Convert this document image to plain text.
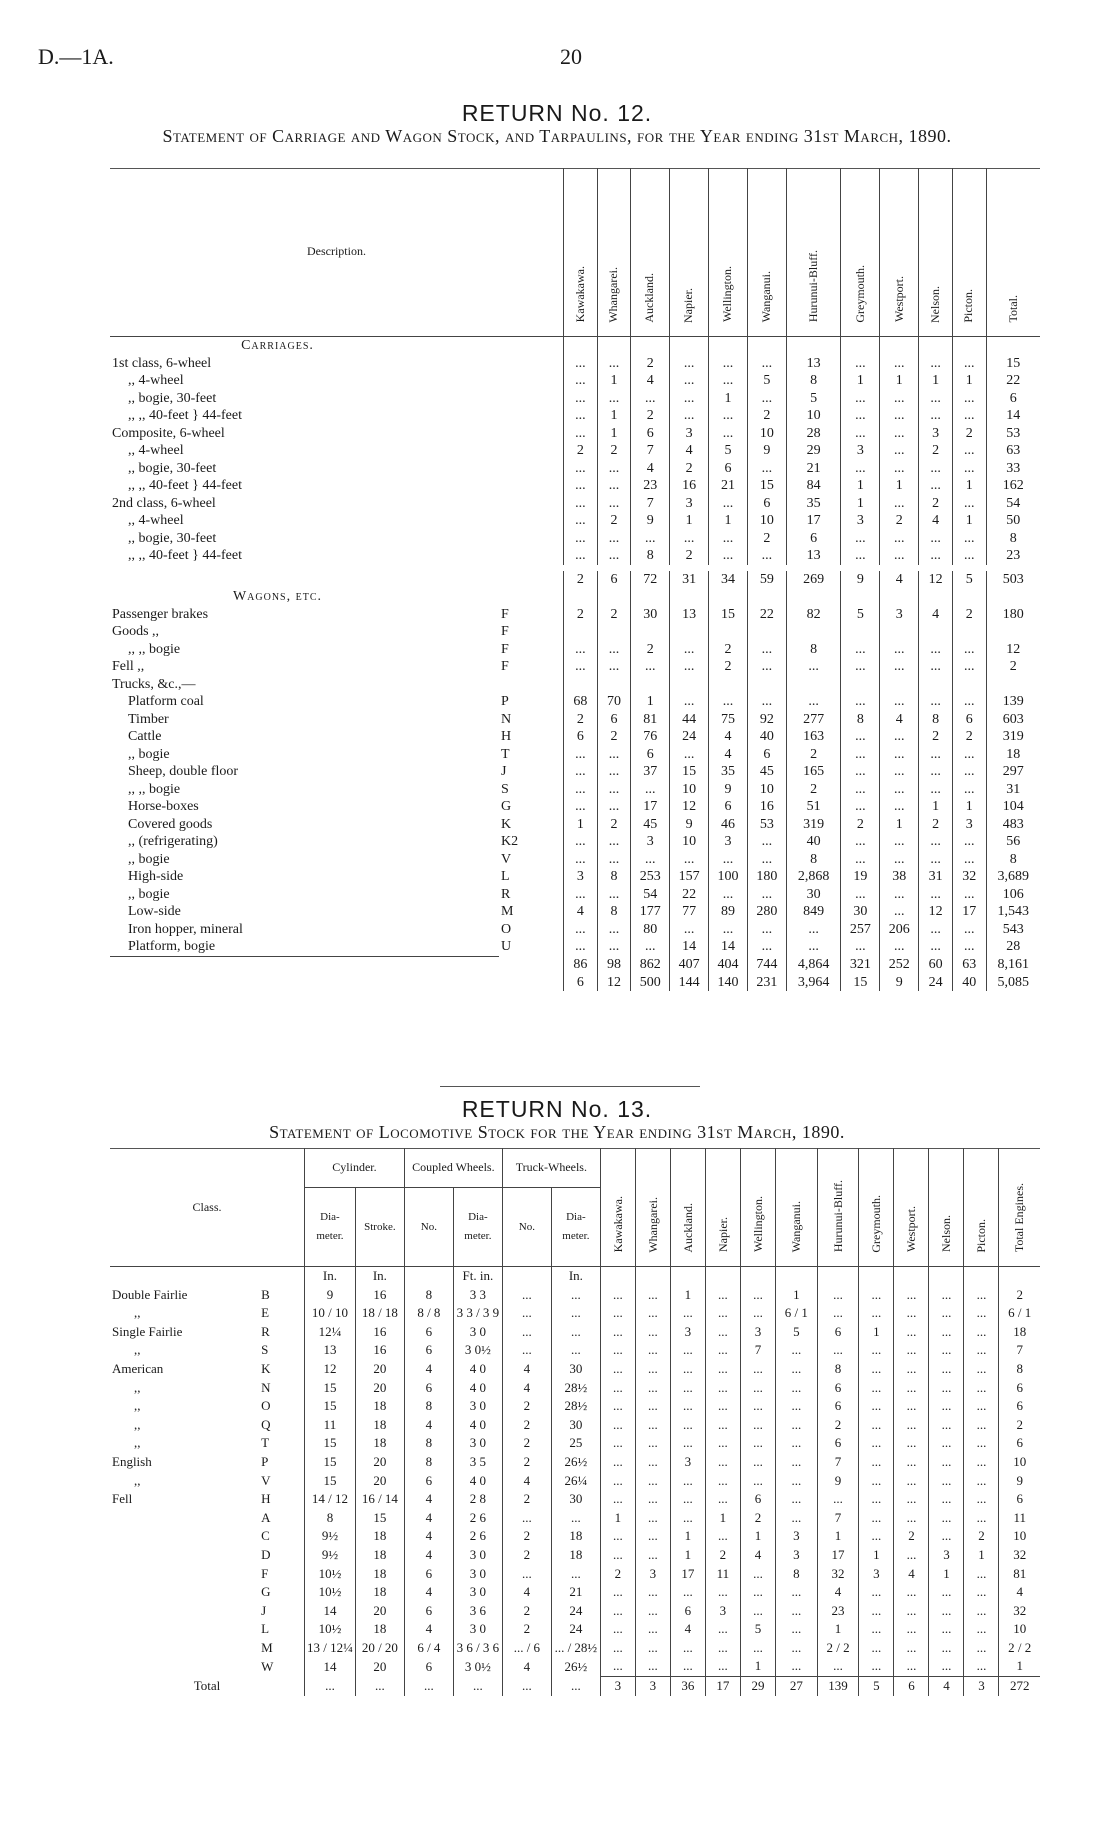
D.—1A.	20
RETURN No. 12.
Statement of Carriage and Wagon Stock, and Tarpaulins, for the Year ending 31st March, 1890.
Description.		Kawakawa.	Whangarei.	Auckland.	Napier.	Wellington.	Wanganui.	Hurunui-Bluff.	Greymouth.	Westport.	Nelson.	Picton.	Total.
Carriages.													
1st class, 6-wheel		...	...	2	...	...	...	13	...	...	...	...	15
,, 4-wheel		...	1	4	...	...	5	8	1	1	1	1	22
,, bogie, 30-feet		...	...	...	...	1	...	5	...	...	...	...	6
,, ,, 40-feet } 44-feet		...	1	2	...	...	2	10	...	...	...	...	14
Composite, 6-wheel		...	1	6	3	...	10	28	...	...	3	2	53
,, 4-wheel		2	2	7	4	5	9	29	3	...	2	...	63
,, bogie, 30-feet		...	...	4	2	6	...	21	...	...	...	...	33
,, ,, 40-feet } 44-feet		...	...	23	16	21	15	84	1	1	...	1	162
2nd class, 6-wheel		...	...	7	3	...	6	35	1	...	2	...	54
,, 4-wheel		...	2	9	1	1	10	17	3	2	4	1	50
,, bogie, 30-feet		...	...	...	...	...	2	6	...	...	...	...	8
,, ,, 40-feet } 44-feet		...	...	8	2	...	...	13	...	...	...	...	23

		2	6	72	31	34	59	269	9	4	12	5	503
Wagons, etc.													
Passenger brakes	F	2	2	30	13	15	22	82	5	3	4	2	180
Goods ,,	F												
,, ,, bogie	F	...	...	2	...	2	...	8	...	...	...	...	12
Fell ,,	F	...	...	...	...	2	...	...	...	...	...	...	2
Trucks, &c.,—													
Platform coal	P	68	70	1	...	...	...	...	...	...	...	...	139
Timber	N	2	6	81	44	75	92	277	8	4	8	6	603
Cattle	H	6	2	76	24	4	40	163	...	...	2	2	319
,, bogie	T	...	...	6	...	4	6	2	...	...	...	...	18
Sheep, double floor	J	...	...	37	15	35	45	165	...	...	...	...	297
,, ,, bogie	S	...	...	...	10	9	10	2	...	...	...	...	31
Horse-boxes	G	...	...	17	12	6	16	51	...	...	1	1	104
Covered goods	K	1	2	45	9	46	53	319	2	1	2	3	483
,, (refrigerating)	K2	...	...	3	10	3	...	40	...	...	...	...	56
,, bogie	V	...	...	...	...	...	...	8	...	...	...	...	8
High-side	L	3	8	253	157	100	180	2,868	19	38	31	32	3,689
,, bogie	R	...	...	54	22	...	...	30	...	...	...	...	106
Low-side	M	4	8	177	77	89	280	849	30	...	12	17	1,543
Iron hopper, mineral	O	...	...	80	...	...	...	...	257	206	...	...	543
Platform, bogie	U	...	...	...	14	14	...	...	...	...	...	...	28
		86	98	862	407	404	744	4,864	321	252	60	63	8,161
		6	12	500	144	140	231	3,964	15	9	24	40	5,085
RETURN No. 13.
Statement of Locomotive Stock for the Year ending 31st March, 1890.
Class.		Cylinder.		Coupled Wheels.		Truck-Wheels.		Kawakawa.	Whangarei.	Auckland.	Napier.	Wellington.	Wanganui.	Hurunui-Bluff.	Greymouth.	Westport.	Nelson.	Picton.	Total Engines.
		Dia-meter.	Stroke.	No.	Dia-meter.	No.	Dia-meter.												
		In.	In.		Ft. in.		In.												
Double Fairlie	B	9	16	8	3 3	...	...	...	...	1	...	...	1	...	...	...	...	...	2
,,	E	10 / 10	18 / 18	8 / 8	3 3 / 3 9	...	...	...	...	...	...	...	6 / 1	...	...	...	...	...	6 / 1
Single Fairlie	R	12¼	16	6	3 0	...	...	...	...	3	...	3	5	6	1	...	...	...	18
,,	S	13	16	6	3 0½	...	...	...	...	...	...	7	...	...	...	...	...	...	7
American	K	12	20	4	4 0	4	30	...	...	...	...	...	...	8	...	...	...	...	8
,,	N	15	20	6	4 0	4	28½	...	...	...	...	...	...	6	...	...	...	...	6
,,	O	15	18	8	3 0	2	28½	...	...	...	...	...	...	6	...	...	...	...	6
,,	Q	11	18	4	4 0	2	30	...	...	...	...	...	...	2	...	...	...	...	2
,,	T	15	18	8	3 0	2	25	...	...	...	...	...	...	6	...	...	...	...	6
English	P	15	20	8	3 5	2	26½	...	...	3	...	...	...	7	...	...	...	...	10
,,	V	15	20	6	4 0	4	26¼	...	...	...	...	...	...	9	...	...	...	...	9
Fell	H	14 / 12	16 / 14	4	2 8	2	30	...	...	...	...	6	...	...	...	...	...	...	6
	A	8	15	4	2 6	...	...	1	...	...	1	2	...	7	...	...	...	...	11
	C	9½	18	4	2 6	2	18	...	...	1	...	1	3	1	...	2	...	2	10
	D	9½	18	4	3 0	2	18	...	...	1	2	4	3	17	1	...	3	1	32
	F	10½	18	6	3 0	...	...	2	3	17	11	...	8	32	3	4	1	...	81
	G	10½	18	4	3 0	4	21	...	...	...	...	...	...	4	...	...	...	...	4
	J	14	20	6	3 6	2	24	...	...	6	3	...	...	23	...	...	...	...	32
	L	10½	18	4	3 0	2	24	...	...	4	...	5	...	1	...	...	...	...	10
	M	13 / 12¼	20 / 20	6 / 4	3 6 / 3 6	... / 6	... / 28½	...	...	...	...	...	...	2 / 2	...	...	...	...	2 / 2
	W	14	20	6	3 0½	4	26½	...	...	...	...	1	...	...	...	...	...	...	1
Total		...	...	...	...	...	...	3	3	36	17	29	27	139	5	6	4	3	272
